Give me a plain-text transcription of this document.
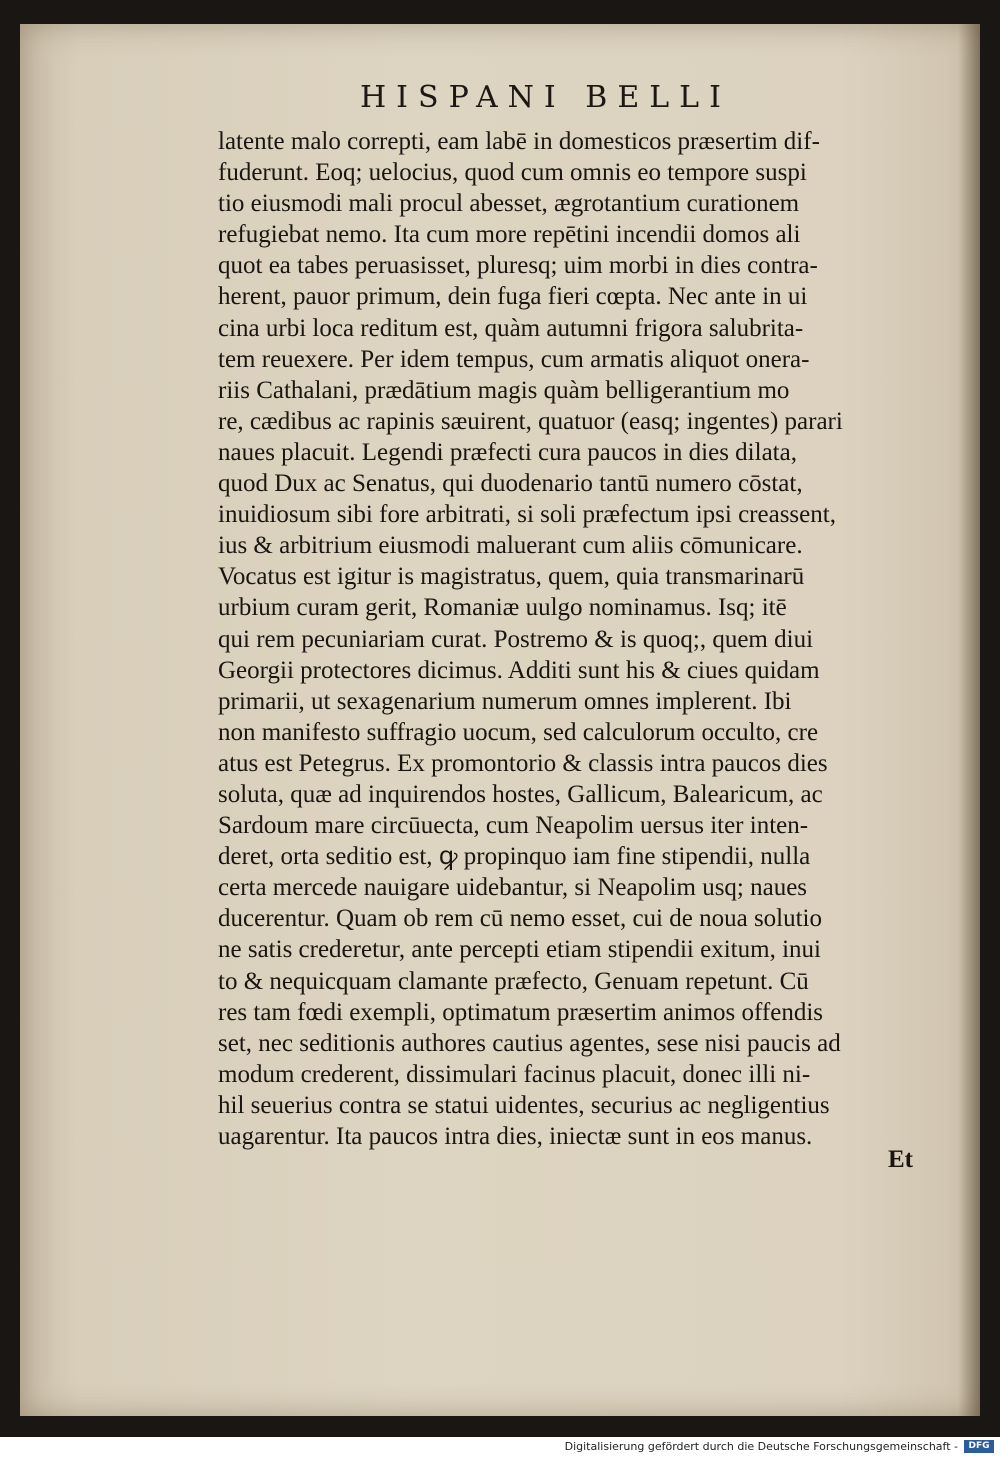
HISPANI BELLI
latente malo correpti, eam labē in domesticos præsertim dif-
fuderunt. Eoq; uelocius, quod cum omnis eo tempore suspi
tio eiusmodi mali procul abesset, ægrotantium curationem
refugiebat nemo. Ita cum more repētini incendii domos ali
quot ea tabes peruasisset, pluresq; uim morbi in dies contra-
herent, pauor primum, dein fuga fieri cœpta. Nec ante in ui
cina urbi loca reditum est, quàm autumni frigora salubrita-
tem reuexere. Per idem tempus, cum armatis aliquot onera-
riis Cathalani, prædātium magis quàm belligerantium mo
re, cædibus ac rapinis sæuirent, quatuor (easq; ingentes) parari
naues placuit. Legendi præfecti cura paucos in dies dilata,
quod Dux ac Senatus, qui duodenario tantū numero cōstat,
inuidiosum sibi fore arbitrati, si soli præfectum ipsi creassent,
ius & arbitrium eiusmodi maluerant cum aliis cōmunicare.
Vocatus est igitur is magistratus, quem, quia transmarinarū
urbium curam gerit, Romaniæ uulgo nominamus. Isq; itē
qui rem pecuniariam curat. Postremo & is quoq;, quem diui
Georgii protectores dicimus. Additi sunt his & ciues quidam
primarii, ut sexagenarium numerum omnes implerent. Ibi
non manifesto suffragio uocum, sed calculorum occulto, cre
atus est Petegrus. Ex promontorio & classis intra paucos dies
soluta, quæ ad inquirendos hostes, Gallicum, Balearicum, ac
Sardoum mare circūuecta, cum Neapolim uersus iter inten-
deret, orta seditio est, ꝙ propinquo iam fine stipendii, nulla
certa mercede nauigare uidebantur, si Neapolim usq; naues
ducerentur. Quam ob rem cū nemo esset, cui de noua solutio
ne satis crederetur, ante percepti etiam stipendii exitum, inui
to & nequicquam clamante præfecto, Genuam repetunt. Cū
res tam fœdi exempli, optimatum præsertim animos offendis
set, nec seditionis authores cautius agentes, sese nisi paucis ad
modum crederent, dissimulari facinus placuit, donec illi ni-
hil seuerius contra se statui uidentes, securius ac negligentius
uagarentur. Ita paucos intra dies, iniectæ sunt in eos manus.
Et
Digitalisierung gefördert durch die Deutsche Forschungsgemeinschaft -	DFG
